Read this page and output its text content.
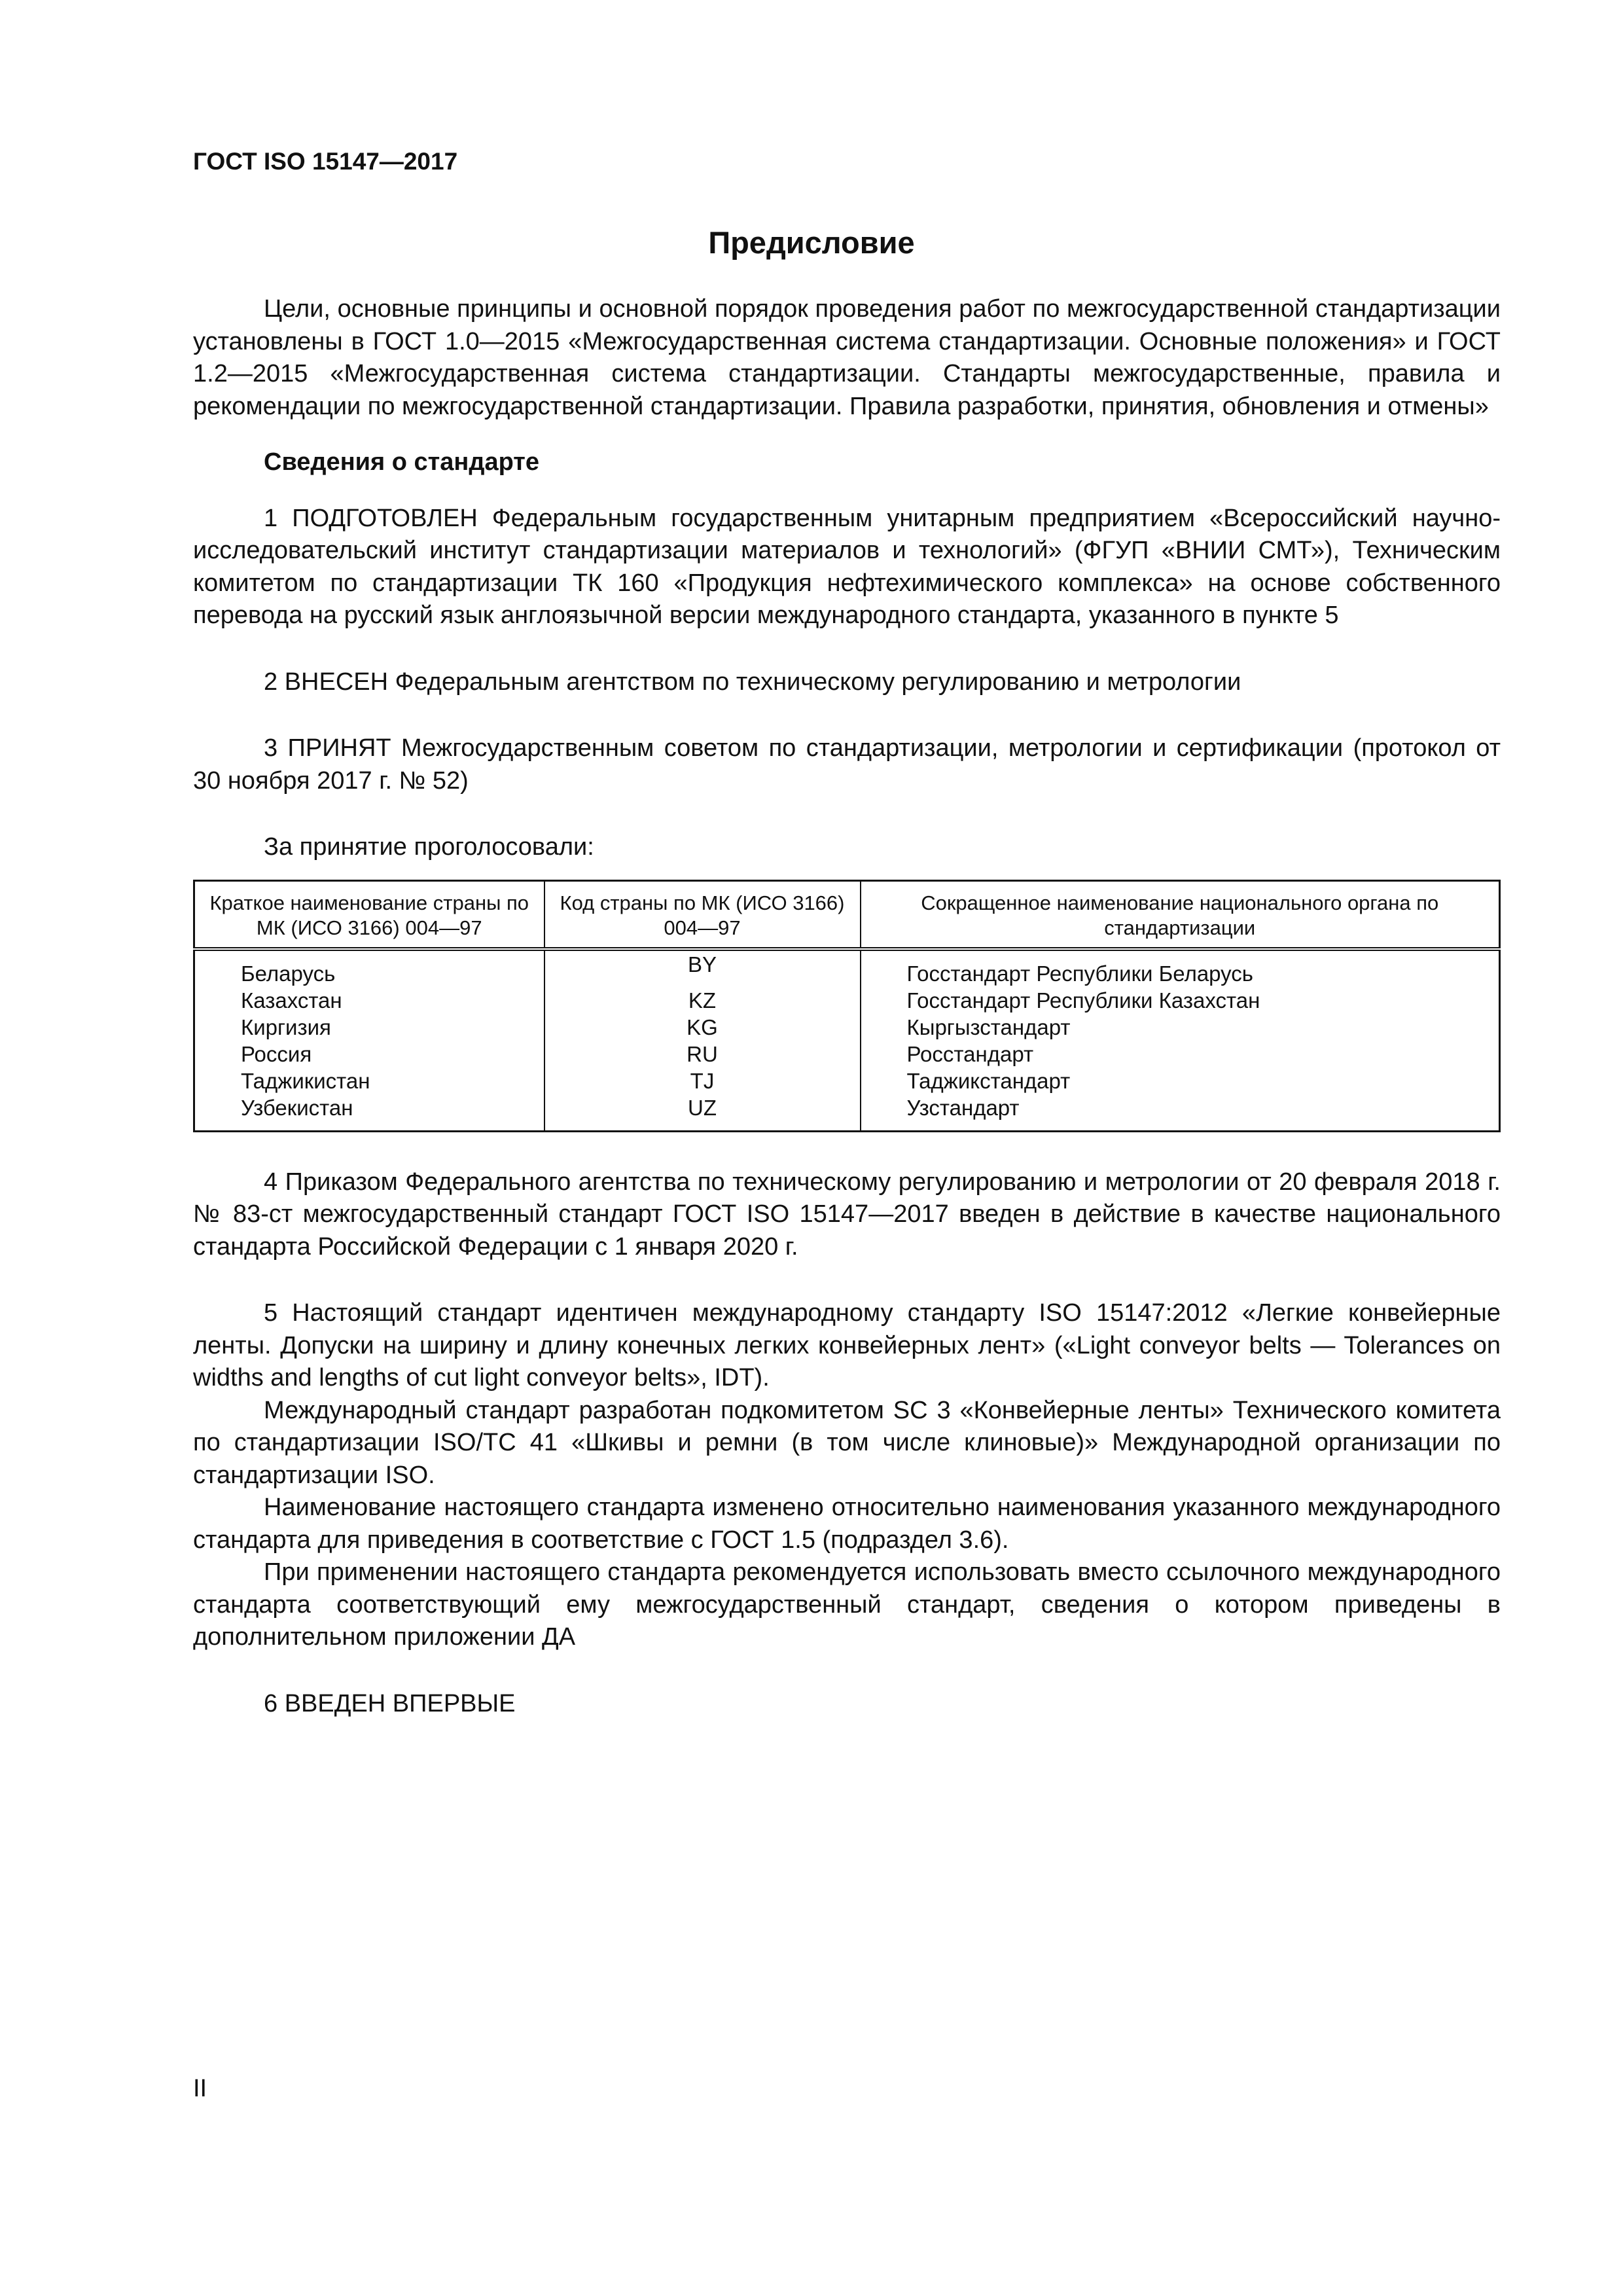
ГОСТ ISO 15147—2017
Предисловие

Цели, основные принципы и основной порядок проведения работ по межгосударственной стандартизации установлены в ГОСТ 1.0—2015 «Межгосударственная система стандартизации. Основные положения» и ГОСТ 1.2—2015 «Межгосударственная система стандартизации. Стандарты межгосударственные, правила и рекомендации по межгосударственной стандартизации. Правила разработки, принятия, обновления и отмены»

Сведения о стандарте

1 ПОДГОТОВЛЕН Федеральным государственным унитарным предприятием «Всероссийский научно-исследовательский институт стандартизации материалов и технологий» (ФГУП «ВНИИ СМТ»), Техническим комитетом по стандартизации ТК 160 «Продукция нефтехимического комплекса» на основе собственного перевода на русский язык англоязычной версии международного стандарта, указанного в пункте 5

2 ВНЕСЕН Федеральным агентством по техническому регулированию и метрологии

3 ПРИНЯТ Межгосударственным советом по стандартизации, метрологии и сертификации (протокол от 30 ноября 2017 г. № 52)

За принятие проголосовали:

Краткое наименование страны по МК (ИСО 3166) 004—97	Код страны по МК (ИСО 3166) 004—97	Сокращенное наименование национального органа по стандартизации
Беларусь	BY	Госстандарт Республики Беларусь
Казахстан	KZ	Госстандарт Республики Казахстан
Киргизия	KG	Кыргызстандарт
Россия	RU	Росстандарт
Таджикистан	TJ	Таджикстандарт
Узбекистан	UZ	Узстандарт

4 Приказом Федерального агентства по техническому регулированию и метрологии от 20 февраля 2018 г. № 83-ст межгосударственный стандарт ГОСТ ISO 15147—2017 введен в действие в качестве национального стандарта Российской Федерации с 1 января 2020 г.

5 Настоящий стандарт идентичен международному стандарту ISO 15147:2012 «Легкие конвейерные ленты. Допуски на ширину и длину конечных легких конвейерных лент» («Light conveyor belts — Tolerances on widths and lengths of cut light conveyor belts», IDT).

Международный стандарт разработан подкомитетом SC 3 «Конвейерные ленты» Технического комитета по стандартизации ISO/TC 41 «Шкивы и ремни (в том числе клиновые)» Международной организации по стандартизации ISO.

Наименование настоящего стандарта изменено относительно наименования указанного международного стандарта для приведения в соответствие с ГОСТ 1.5 (подраздел 3.6).

При применении настоящего стандарта рекомендуется использовать вместо ссылочного международного стандарта соответствующий ему межгосударственный стандарт, сведения о котором приведены в дополнительном приложении ДА

6 ВВЕДЕН ВПЕРВЫЕ

II
